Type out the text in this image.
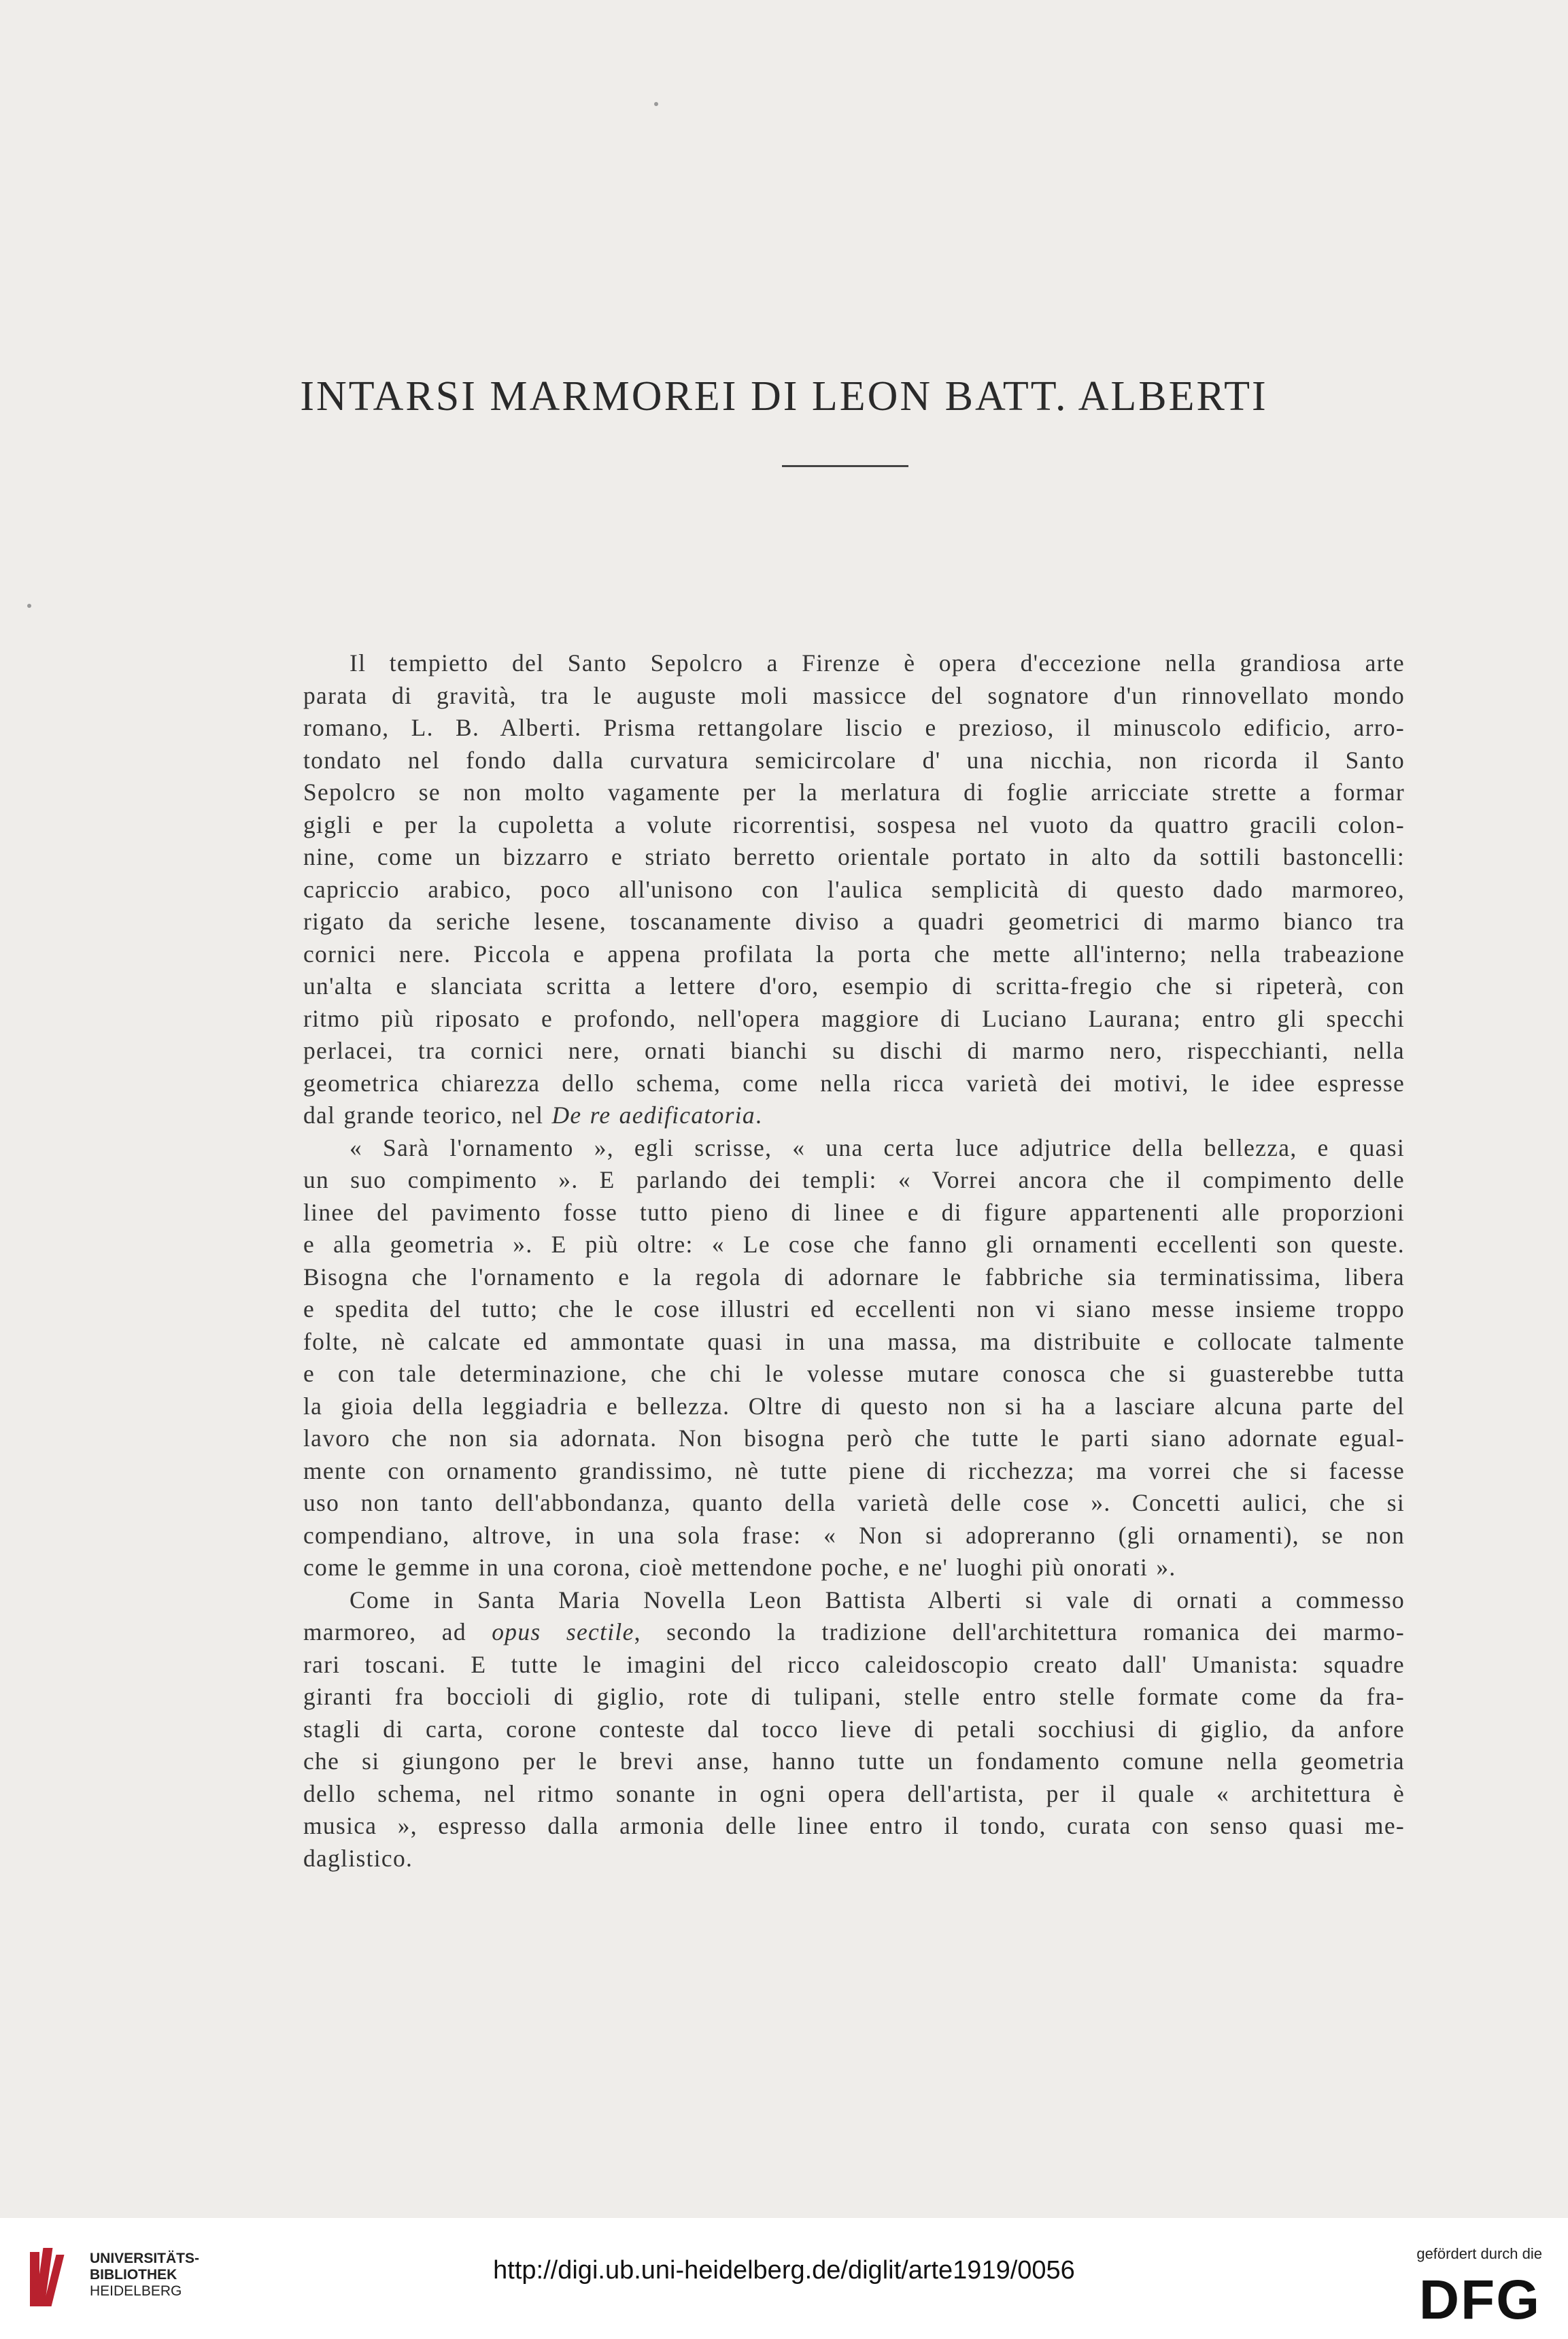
INTARSI MARMOREI DI LEON BATT. ALBERTI
Il tempietto del Santo Sepolcro a Firenze è opera d'eccezione nella grandiosa arte
parata di gravità, tra le auguste moli massicce del sognatore d'un rinnovellato mondo
romano, L. B. Alberti. Prisma rettangolare liscio e prezioso, il minuscolo edificio, arro-
tondato nel fondo dalla curvatura semicircolare d' una nicchia, non ricorda il Santo
Sepolcro se non molto vagamente per la merlatura di foglie arricciate strette a formar
gigli e per la cupoletta a volute ricorrentisi, sospesa nel vuoto da quattro gracili colon-
nine, come un bizzarro e striato berretto orientale portato in alto da sottili bastoncelli:
capriccio arabico, poco all'unisono con l'aulica semplicità di questo dado marmoreo,
rigato da seriche lesene, toscanamente diviso a quadri geometrici di marmo bianco tra
cornici nere. Piccola e appena profilata la porta che mette all'interno; nella trabeazione
un'alta e slanciata scritta a lettere d'oro, esempio di scritta-fregio che si ripeterà, con
ritmo più riposato e profondo, nell'opera maggiore di Luciano Laurana; entro gli specchi
perlacei, tra cornici nere, ornati bianchi su dischi di marmo nero, rispecchianti, nella
geometrica chiarezza dello schema, come nella ricca varietà dei motivi, le idee espresse
dal grande teorico, nel De re aedificatoria.
« Sarà l'ornamento », egli scrisse, « una certa luce adjutrice della bellezza, e quasi
un suo compimento ». E parlando dei templi: « Vorrei ancora che il compimento delle
linee del pavimento fosse tutto pieno di linee e di figure appartenenti alle proporzioni
e alla geometria ». E più oltre: « Le cose che fanno gli ornamenti eccellenti son queste.
Bisogna che l'ornamento e la regola di adornare le fabbriche sia terminatissima, libera
e spedita del tutto; che le cose illustri ed eccellenti non vi siano messe insieme troppo
folte, nè calcate ed ammontate quasi in una massa, ma distribuite e collocate talmente
e con tale determinazione, che chi le volesse mutare conosca che si guasterebbe tutta
la gioia della leggiadria e bellezza. Oltre di questo non si ha a lasciare alcuna parte del
lavoro che non sia adornata. Non bisogna però che tutte le parti siano adornate egual-
mente con ornamento grandissimo, nè tutte piene di ricchezza; ma vorrei che si facesse
uso non tanto dell'abbondanza, quanto della varietà delle cose ». Concetti aulici, che si
compendiano, altrove, in una sola frase: « Non si adopreranno (gli ornamenti), se non
come le gemme in una corona, cioè mettendone poche, e ne' luoghi più onorati ».
Come in Santa Maria Novella Leon Battista Alberti si vale di ornati a commesso
marmoreo, ad opus sectile, secondo la tradizione dell'architettura romanica dei marmo-
rari toscani. E tutte le imagini del ricco caleidoscopio creato dall' Umanista: squadre
giranti fra boccioli di giglio, rote di tulipani, stelle entro stelle formate come da fra-
stagli di carta, corone conteste dal tocco lieve di petali socchiusi di giglio, da anfore
che si giungono per le brevi anse, hanno tutte un fondamento comune nella geometria
dello schema, nel ritmo sonante in ogni opera dell'artista, per il quale « architettura è
musica », espresso dalla armonia delle linee entro il tondo, curata con senso quasi me-
daglistico.
UNIVERSITÄTS-
BIBLIOTHEK
HEIDELBERG
http://digi.ub.uni-heidelberg.de/diglit/arte1919/0056
gefördert durch die
DFG
